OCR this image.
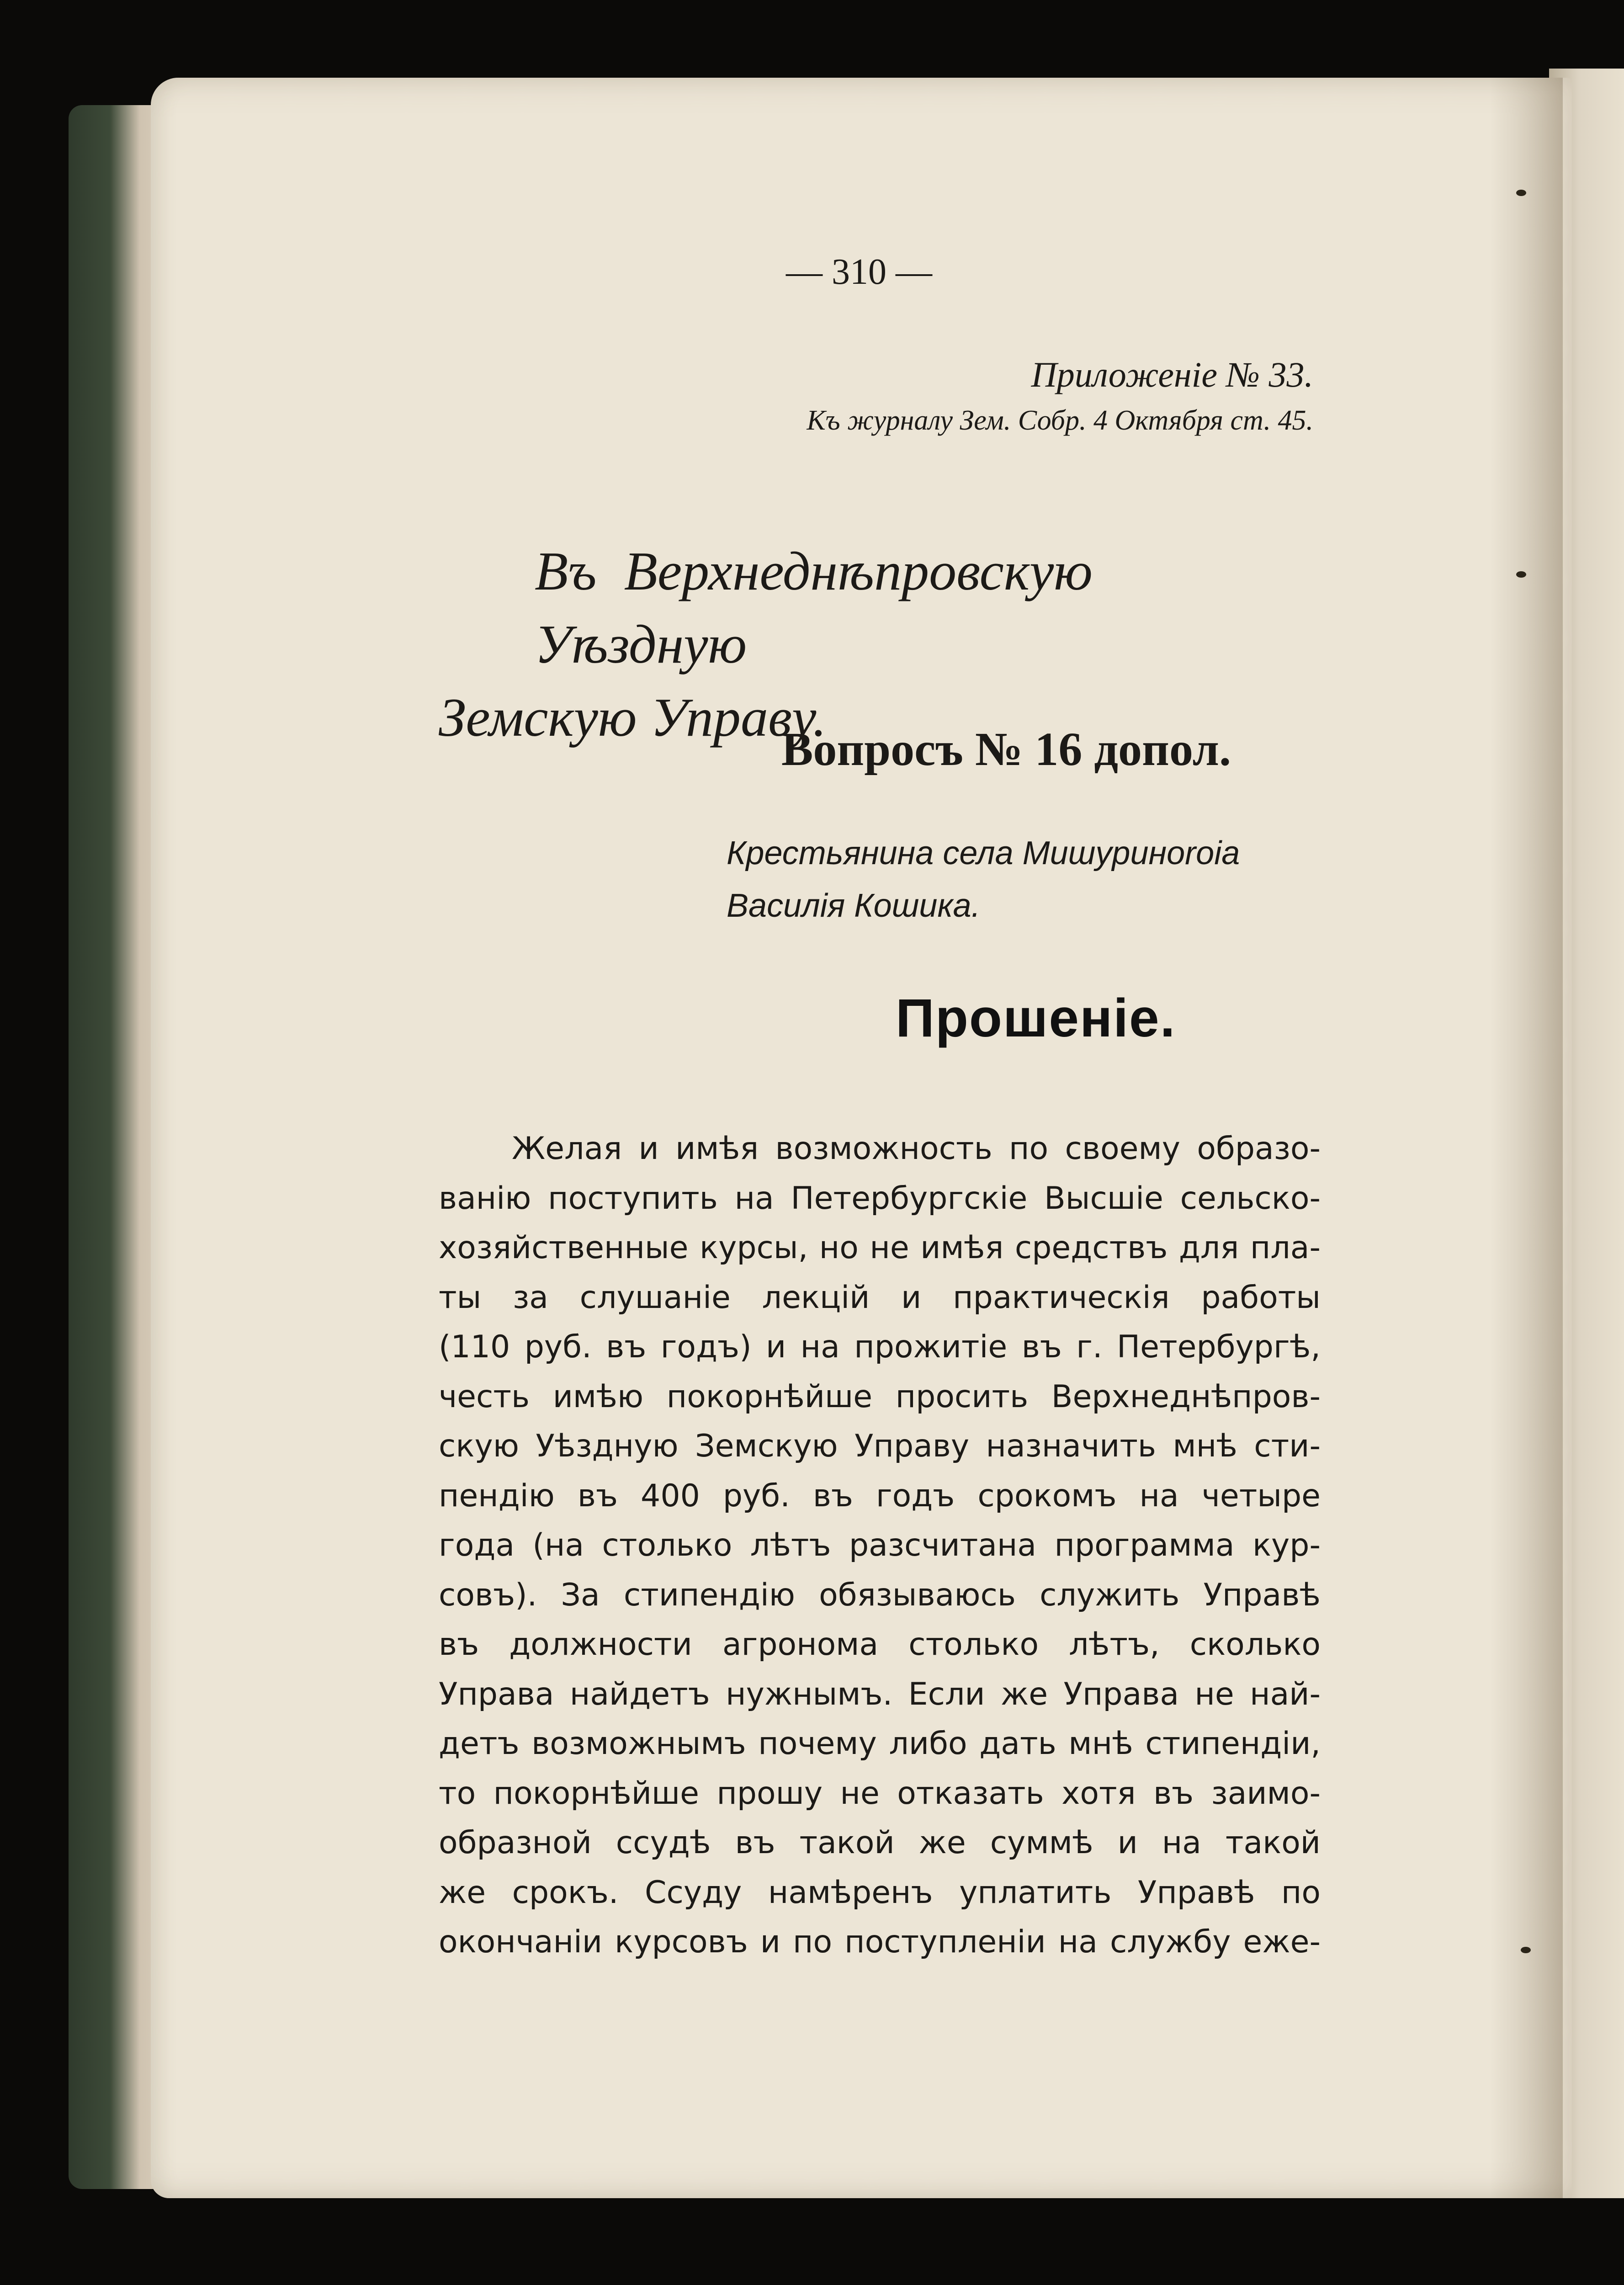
— 310 —
Приложенiе № 33.
Къ журналу Зем. Собр. 4 Октября ст. 45.
Въ Верхнеднѣпровскую Уѣздную
Земскую Управу.
Вопросъ № 16 допол.
Крестьянина села Мишуриноrоiа
Василiя Кошика.
Прошенiе.
Желая и имѣя возможность по своему образо-
ванiю поступить на Петербургскiе Высшiе сельско-
хозяйственные курсы, но не имѣя средствъ для пла-
ты за слушанiе лекцiй и практическiя работы
(110 руб. въ годъ) и на прожитiе въ г. Петербургѣ,
честь имѣю покорнѣйше просить Верхнеднѣпров-
скую Уѣздную Земскую Управу назначить мнѣ сти-
пендiю въ 400 руб. въ годъ срокомъ на четыре
года (на столько лѣтъ разсчитана программа кур-
совъ). За стипендiю обязываюсь служить Управѣ
въ должности агронома столько лѣтъ, сколько
Управа найдетъ нужнымъ. Если же Управа не най-
детъ возможнымъ почему либо дать мнѣ стипендiи,
то покорнѣйше прошу не отказать хотя въ заимо-
образной ссудѣ въ такой же суммѣ и на такой
же срокъ. Ссуду намѣренъ уплатить Управѣ по
окончанiи курсовъ и по поступленiи на службу еже-
